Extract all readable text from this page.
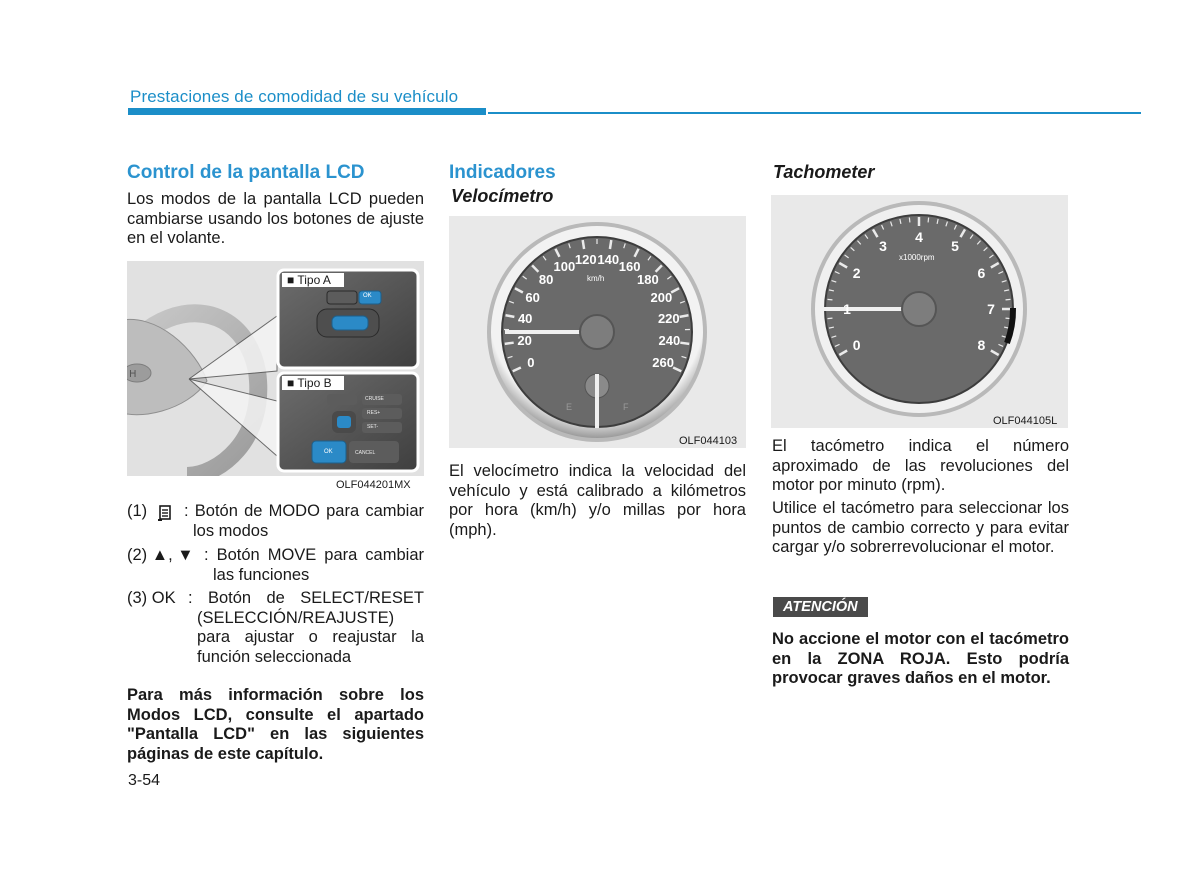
Prestaciones de comodidad de su vehículo
Control de la pantalla LCD
Los modos de la pantalla LCD pueden cambiarse usando los botones de ajuste en el volante.
H
■ Tipo A
■ Tipo B
OK
CRUISE
RES+
SET-
OK	CANCEL
OLF044201MX
(1) : Botón de MODO para cambiar los modos
(2) ▲, ▼ : Botón MOVE para cambiar las funciones
(3) OK : Botón de SELECT/RESET (SELECCIÓN/REAJUSTE) para ajustar o reajustar la función seleccionada
Para más información sobre los Modos LCD, consulte el apartado "Pantalla LCD" en las siguientes páginas de este capítulo.
3-54
Indicadores
Velocímetro
km/h
E	F
0
20
40
60
80
100 120 140 160
180
200
220
240
260
OLF044103
El velocímetro indica la velocidad del vehículo y está calibrado a kilómetros por hora (km/h) y/o millas por hora (mph).
Tachometer
x1000rpm
0
1
2
3
4
5
6
7
8
OLF044105L
El tacómetro indica el número aproximado de las revoluciones del motor por minuto (rpm).
Utilice el tacómetro para seleccionar los puntos de cambio correcto y para evitar cargar y/o sobrerrevolucionar el motor.
ATENCIÓN
No accione el motor con el tacómetro en la ZONA ROJA. Esto podría provocar graves daños en el motor.
